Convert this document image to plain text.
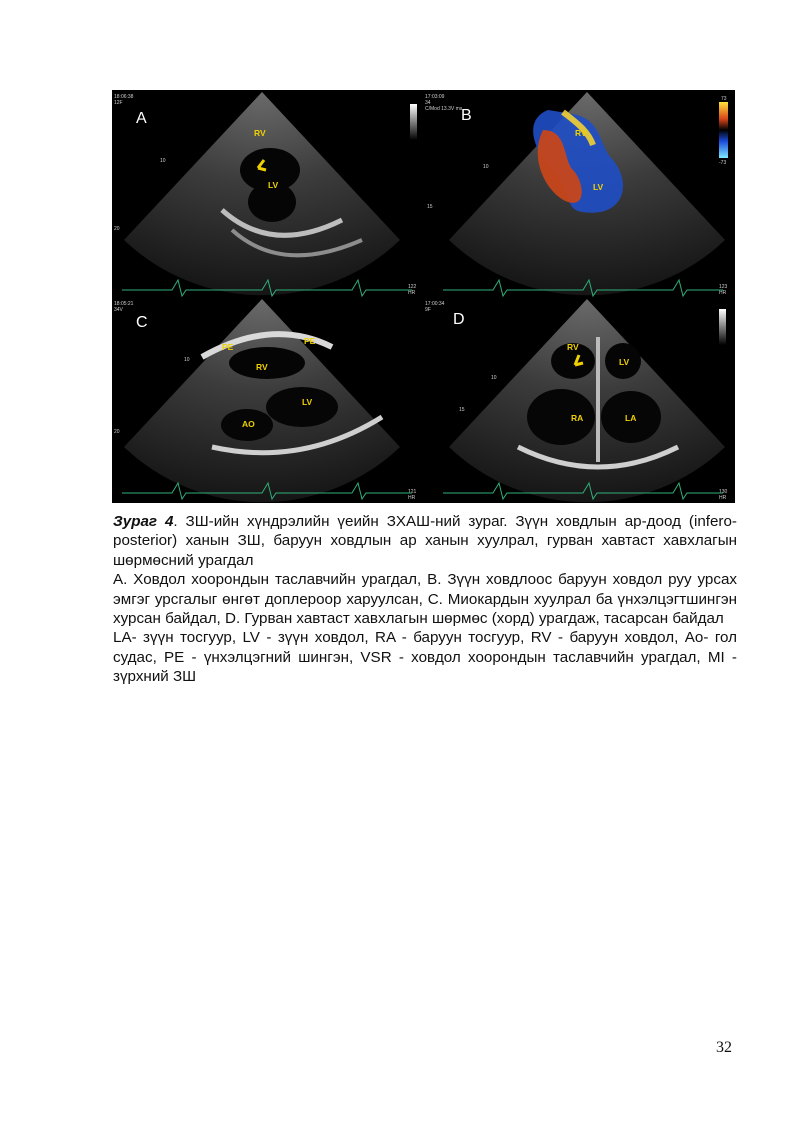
A
RV
LV
10
20
18:06:38 12F
122 HR
B
RV
LV
10
15
17:03:09 34 C/Mod 13.3V ms
73
-73
123 HR
C
PE
PE
RV
LV
AO
10
20
18:05:21 34V
121 HR
D
RV
LV
RA	LA
10
15
17:00:34 9F
130 HR

Зураг 4. ЗШ-ийн хүндрэлийн үеийн ЗХАШ-ний зураг. Зүүн ховдлын ар-доод (infero-posterior) ханын ЗШ, баруун ховдлын ар ханын хуулрал, гурван хавтаст хавхлагын шөрмөсний урагдал

A. Ховдол хоорондын таславчийн урагдал, B. Зүүн ховдлоос баруун ховдол руу урсах эмгэг урсгалыг өнгөт доплероор харуулсан, C. Миокардын хуулрал ба үнхэлцэгтшингэн хурсан байдал, D. Гурван хавтаст хавхлагын шөрмөс (хорд) урагдаж, тасарсан байдал

LA- зүүн тосгуур, LV - зүүн ховдол, RA - баруун тосгуур, RV - баруун ховдол, Ao- гол судас, PE - үнхэлцэгний шингэн, VSR - ховдол хоорондын таславчийн урагдал, MI - зүрхний ЗШ

32
